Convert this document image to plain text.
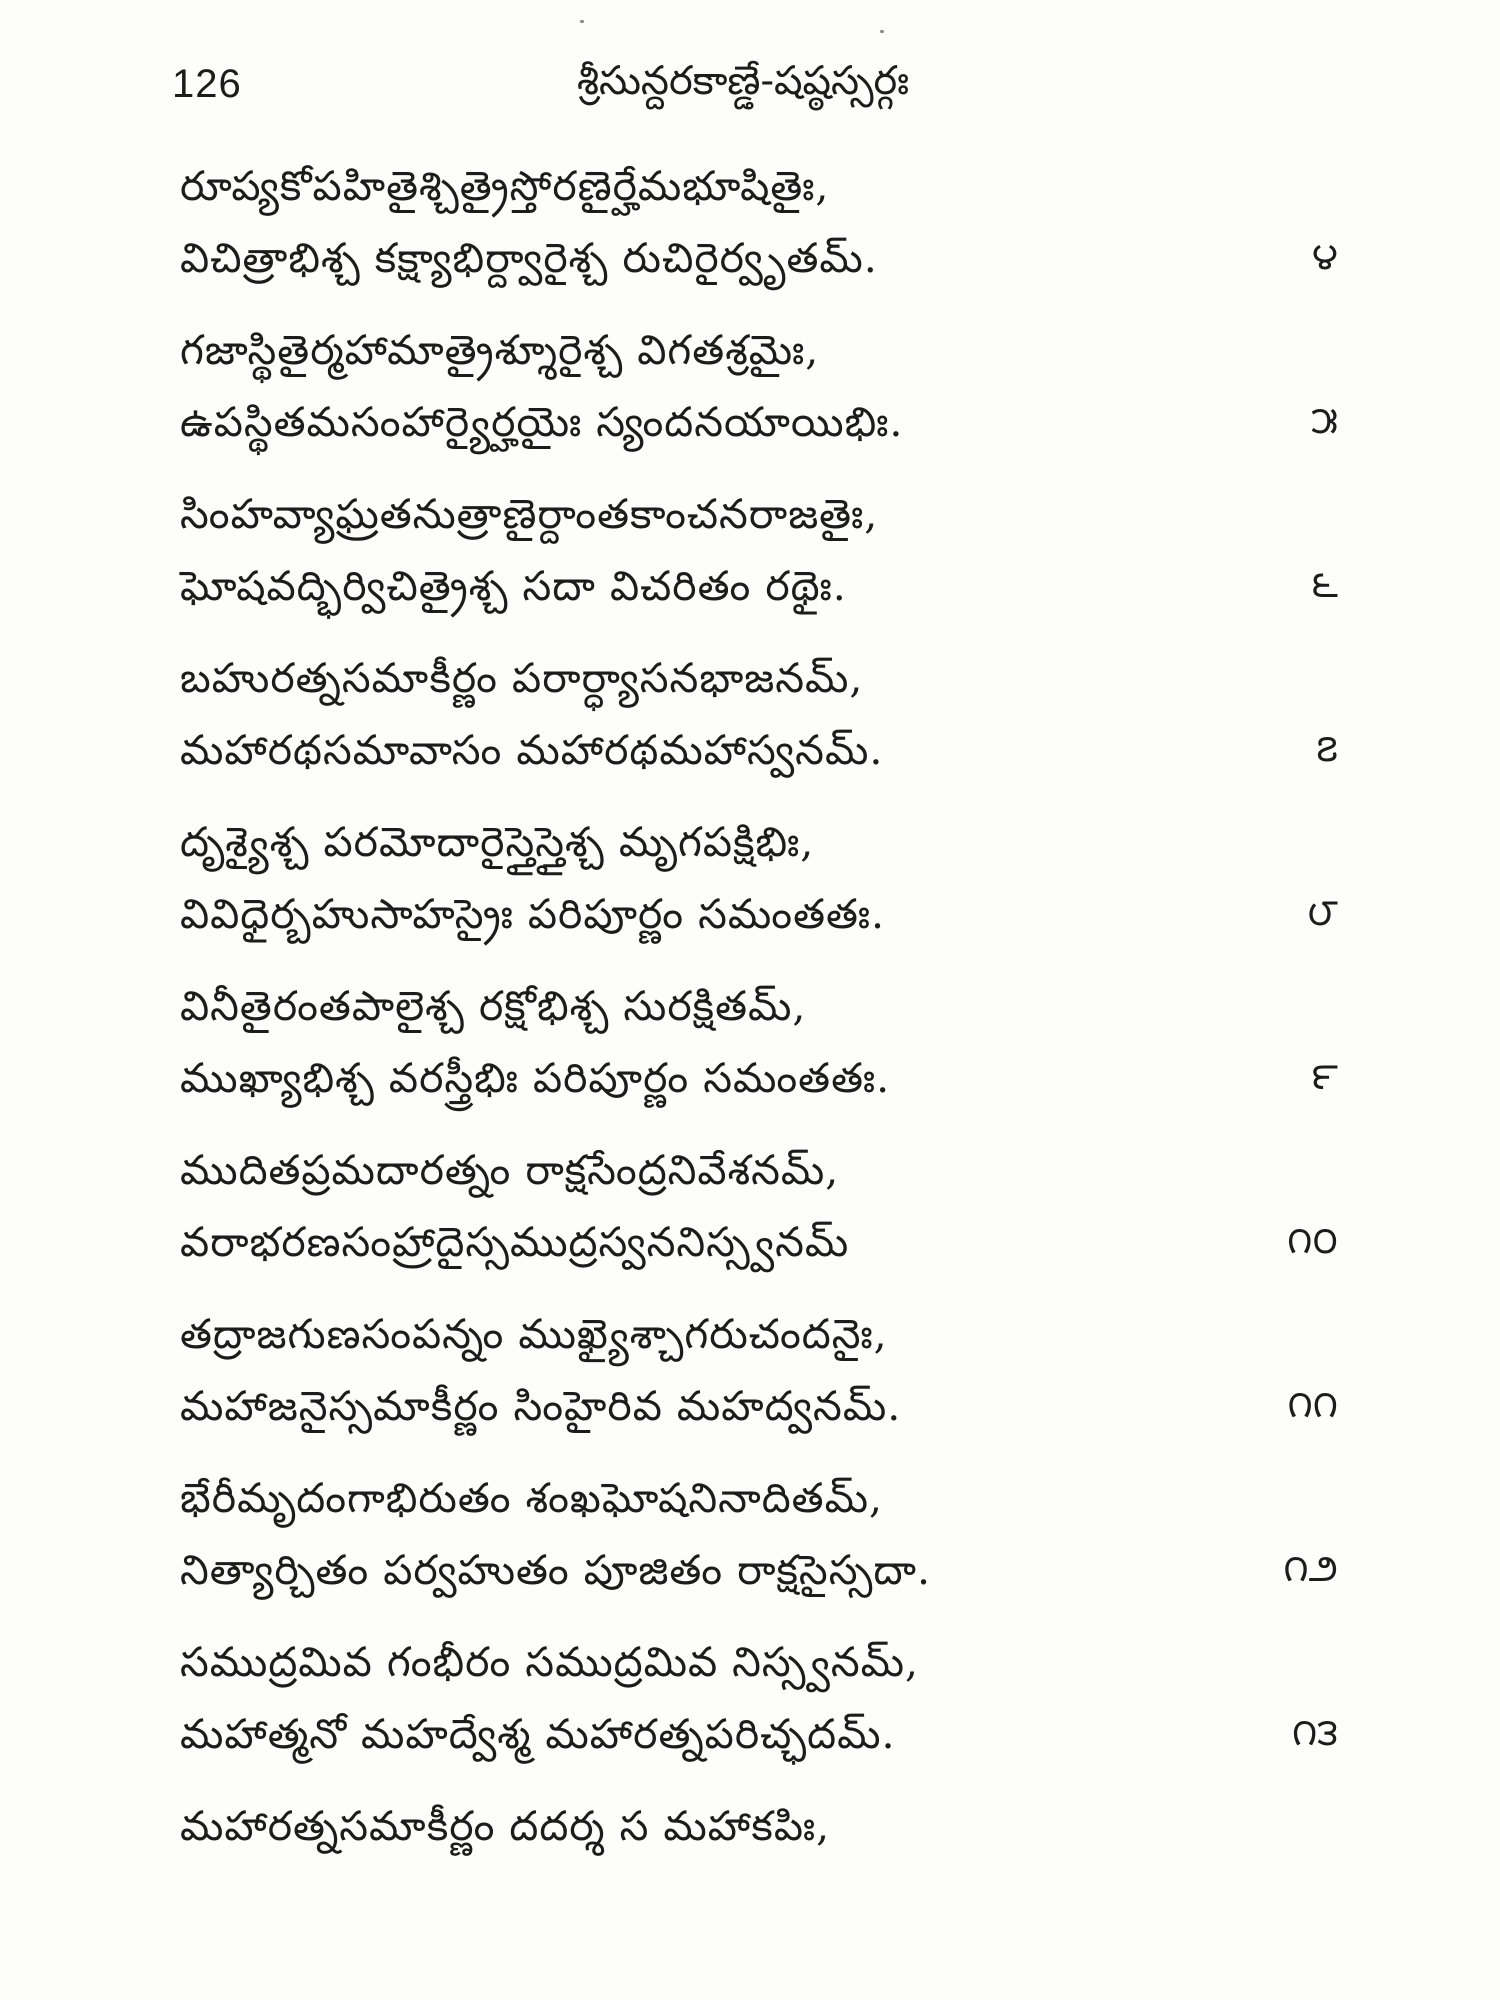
126	శ్రీసున్దరకాణ్డే-షష్ఠస్సర్గః
రూప్యకోపహితైశ్చిత్రైస్తోరణైర్హేమభూషితైః,
విచిత్రాభిశ్చ కక్ష్యాభిర్ద్వారైశ్చ రుచిరైర్వృతమ్.	౪
గజాస్థితైర్మహామాత్రైశ్శూరైశ్చ విగతశ్రమైః,
ఉపస్థితమసంహార్యైర్హయైః స్యందనయాయిభిః.	౫
సింహవ్యాఘ్రతనుత్రాణైర్దాంతకాంచనరాజతైః,
ఘోషవద్భిర్విచిత్రైశ్చ సదా విచరితం రథైః.	౬
బహురత్నసమాకీర్ణం పరార్ధ్యాసనభాజనమ్,
మహారథసమావాసం మహారథమహాస్వనమ్.	౭
దృశ్యైశ్చ పరమోదారైస్తైస్తైశ్చ మృగపక్షిభిః,
వివిధైర్బహుసాహస్రైః పరిపూర్ణం సమంతతః.	౮
వినీతైరంతపాలైశ్చ రక్షోభిశ్చ సురక్షితమ్,
ముఖ్యాభిశ్చ వరస్త్రీభిః పరిపూర్ణం సమంతతః.	౯
ముదితప్రమదారత్నం రాక్షసేంద్రనివేశనమ్,
వరాభరణసంహ్రాదైస్సముద్రస్వననిస్స్వనమ్	౧౦
తద్రాజగుణసంపన్నం ముఖ్యైశ్చాగరుచందనైః,
మహాజనైస్సమాకీర్ణం సింహైరివ మహద్వనమ్.	౧౧
భేరీమృదంగాభిరుతం శంఖఘోషనినాదితమ్,
నిత్యార్చితం పర్వహుతం పూజితం రాక్షసైస్సదా.	౧౨
సముద్రమివ గంభీరం సముద్రమివ నిస్స్వనమ్,
మహాత్మనో మహద్వేశ్మ మహారత్నపరిచ్ఛదమ్.	౧౩
మహారత్నసమాకీర్ణం దదర్శ స మహాకపిః,
